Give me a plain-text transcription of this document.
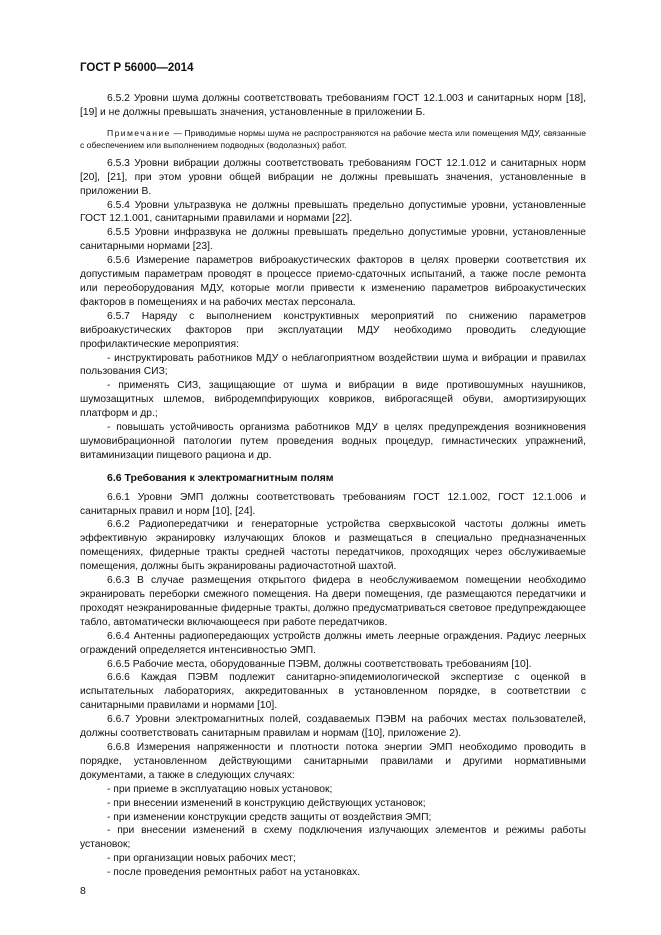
ГОСТ Р 56000—2014

6.5.2 Уровни шума должны соответствовать требованиям ГОСТ 12.1.003 и санитарных норм [18], [19] и не должны превышать значения, установленные в приложении Б.

Примечание — Приводимые нормы шума не распространяются на рабочие места или помещения МДУ, связанные с обеспечением или выполнением подводных (водолазных) работ.

6.5.3 Уровни вибрации должны соответствовать требованиям ГОСТ 12.1.012 и санитарных норм [20], [21], при этом уровни общей вибрации не должны превышать значения, установленные в приложении В.

6.5.4 Уровни ультразвука не должны превышать предельно допустимые уровни, установленные ГОСТ 12.1.001, санитарными правилами и нормами [22].

6.5.5 Уровни инфразвука не должны превышать предельно допустимые уровни, установленные санитарными нормами [23].

6.5.6 Измерение параметров виброакустических факторов в целях проверки соответствия их допустимым параметрам проводят в процессе приемо-сдаточных испытаний, а также после ремонта или переоборудования МДУ, которые могли привести к изменению параметров виброакустических факторов в помещениях и на рабочих местах персонала.

6.5.7 Наряду с выполнением конструктивных мероприятий по снижению параметров виброакустических факторов при эксплуатации МДУ необходимо проводить следующие профилактические мероприятия:

- инструктировать работников МДУ о неблагоприятном воздействии шума и вибрации и правилах пользования СИЗ;

- применять СИЗ, защищающие от шума и вибрации в виде противошумных наушников, шумозащитных шлемов, вибродемпфирующих ковриков, виброгасящей обуви, амортизирующих платформ и др.;

- повышать устойчивость организма работников МДУ в целях предупреждения возникновения шумовибрационной патологии путем проведения водных процедур, гимнастических упражнений, витаминизации пищевого рациона и др.

6.6 Требования к электромагнитным полям

6.6.1 Уровни ЭМП должны соответствовать требованиям ГОСТ 12.1.002, ГОСТ 12.1.006 и санитарных правил и норм [10], [24].

6.6.2 Радиопередатчики и генераторные устройства сверхвысокой частоты должны иметь эффективную экранировку излучающих блоков и размещаться в специально предназначенных помещениях, фидерные тракты средней частоты передатчиков, проходящих через обслуживаемые помещения, должны быть экранированы радиочастотной шахтой.

6.6.3 В случае размещения открытого фидера в необслуживаемом помещении необходимо экранировать переборки смежного помещения. На двери помещения, где размещаются передатчики и проходят неэкранированные фидерные тракты, должно предусматриваться световое предупреждающее табло, автоматически включающееся при работе передатчиков.

6.6.4 Антенны радиопередающих устройств должны иметь леерные ограждения. Радиус леерных ограждений определяется интенсивностью ЭМП.

6.6.5 Рабочие места, оборудованные ПЭВМ, должны соответствовать требованиям [10].

6.6.6 Каждая ПЭВМ подлежит санитарно-эпидемиологической экспертизе с оценкой в испытательных лабораториях, аккредитованных в установленном порядке, в соответствии с санитарными правилами и нормами [10].

6.6.7 Уровни электромагнитных полей, создаваемых ПЭВМ на рабочих местах пользователей, должны соответствовать санитарным правилам и нормам ([10], приложение 2).

6.6.8 Измерения напряженности и плотности потока энергии ЭМП необходимо проводить в порядке, установленном действующими санитарными правилами и другими нормативными документами, а также в следующих случаях:

- при приеме в эксплуатацию новых установок;

- при внесении изменений в конструкцию действующих установок;

- при изменении конструкции средств защиты от воздействия ЭМП;

- при внесении изменений в схему подключения излучающих элементов и режимы работы установок;

- при организации новых рабочих мест;

- после проведения ремонтных работ на установках.

8
